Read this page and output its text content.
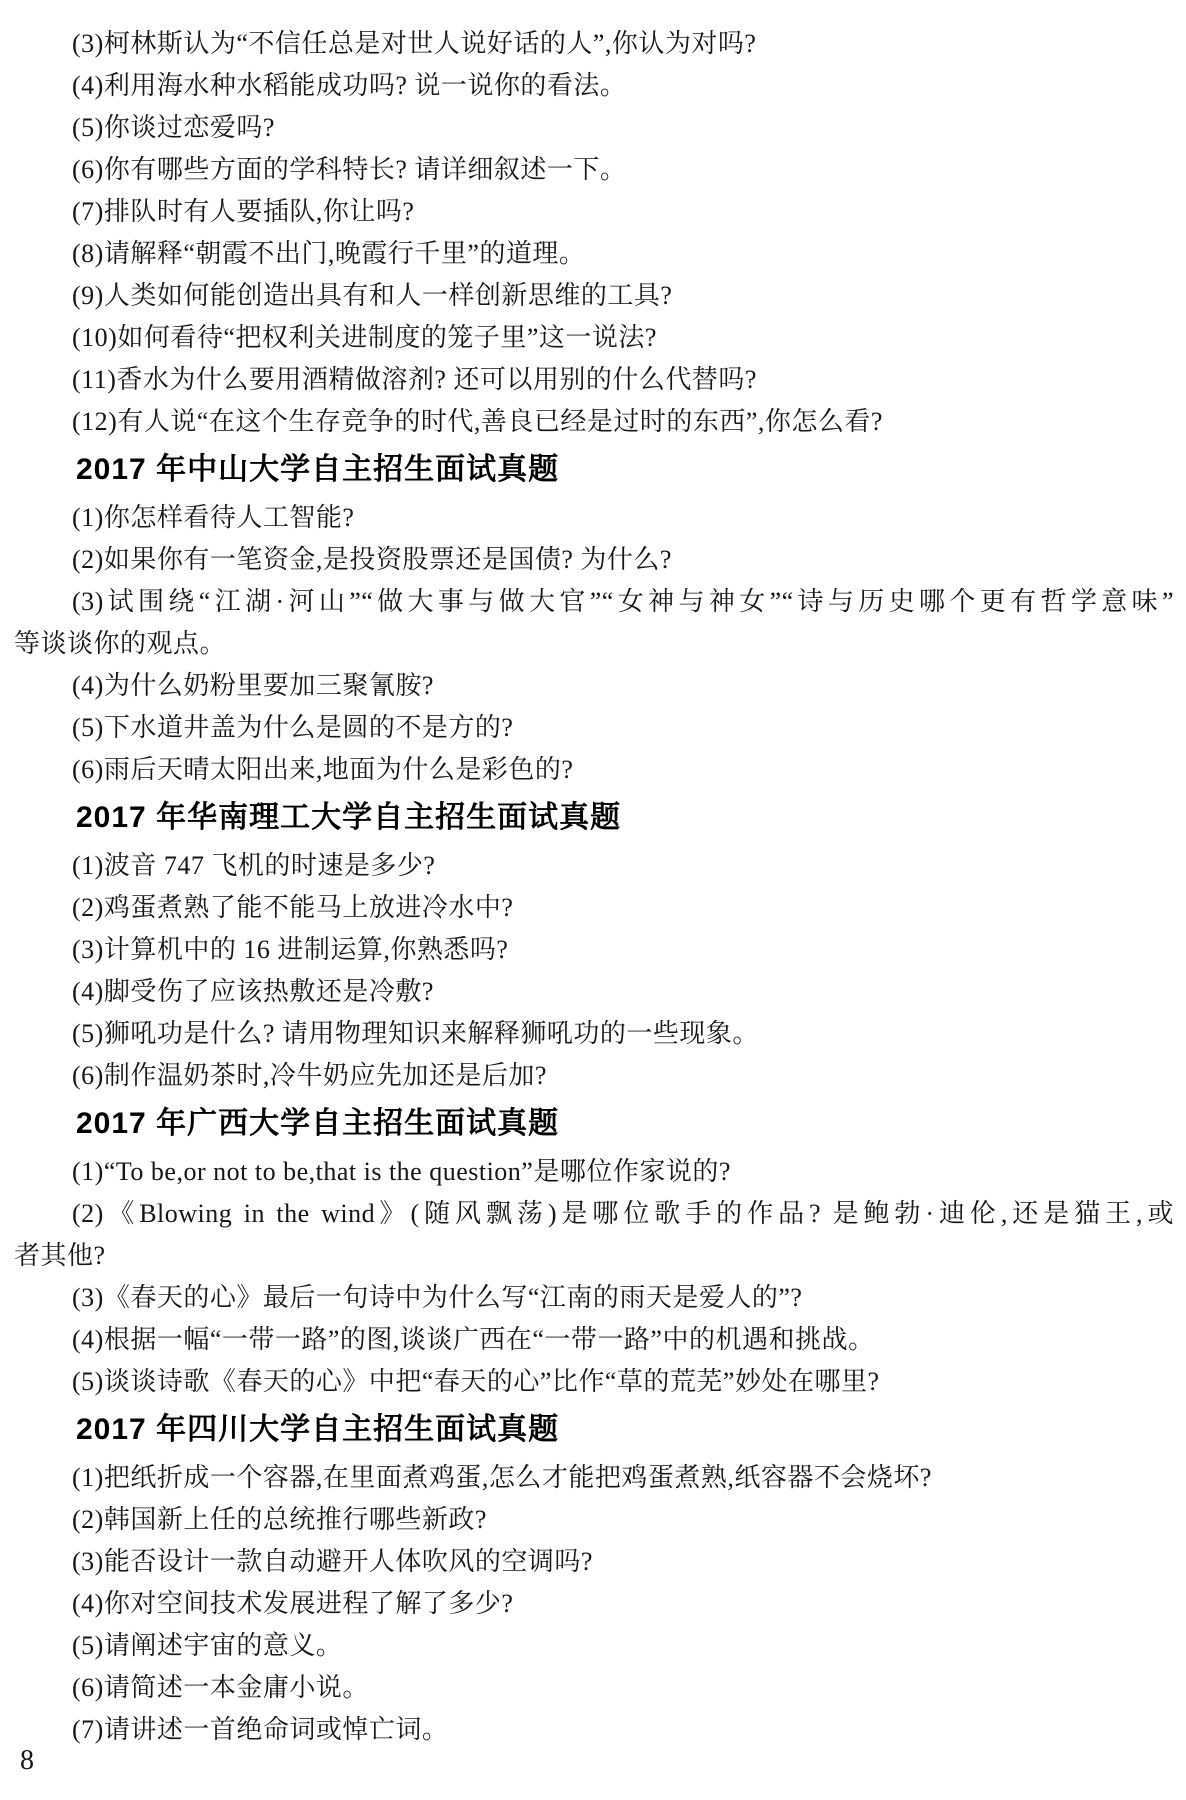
(3)柯林斯认为“不信任总是对世人说好话的人”,你认为对吗?

(4)利用海水种水稻能成功吗? 说一说你的看法。

(5)你谈过恋爱吗?

(6)你有哪些方面的学科特长? 请详细叙述一下。

(7)排队时有人要插队,你让吗?

(8)请解释“朝霞不出门,晚霞行千里”的道理。

(9)人类如何能创造出具有和人一样创新思维的工具?

(10)如何看待“把权利关进制度的笼子里”这一说法?

(11)香水为什么要用酒精做溶剂? 还可以用别的什么代替吗?

(12)有人说“在这个生存竞争的时代,善良已经是过时的东西”,你怎么看?

2017 年中山大学自主招生面试真题

(1)你怎样看待人工智能?

(2)如果你有一笔资金,是投资股票还是国债? 为什么?

(3)试围绕“江湖·河山”“做大事与做大官”“女神与神女”“诗与历史哪个更有哲学意味”

等谈谈你的观点。

(4)为什么奶粉里要加三聚氰胺?

(5)下水道井盖为什么是圆的不是方的?

(6)雨后天晴太阳出来,地面为什么是彩色的?

2017 年华南理工大学自主招生面试真题

(1)波音 747 飞机的时速是多少?

(2)鸡蛋煮熟了能不能马上放进冷水中?

(3)计算机中的 16 进制运算,你熟悉吗?

(4)脚受伤了应该热敷还是冷敷?

(5)狮吼功是什么? 请用物理知识来解释狮吼功的一些现象。

(6)制作温奶茶时,冷牛奶应先加还是后加?

2017 年广西大学自主招生面试真题

(1)“To be,or not to be,that is the question”是哪位作家说的?

(2)《Blowing in the wind》(随风飘荡)是哪位歌手的作品? 是鲍勃·迪伦,还是猫王,或

者其他?

(3)《春天的心》最后一句诗中为什么写“江南的雨天是爱人的”?

(4)根据一幅“一带一路”的图,谈谈广西在“一带一路”中的机遇和挑战。

(5)谈谈诗歌《春天的心》中把“春天的心”比作“草的荒芜”妙处在哪里?

2017 年四川大学自主招生面试真题

(1)把纸折成一个容器,在里面煮鸡蛋,怎么才能把鸡蛋煮熟,纸容器不会烧坏?

(2)韩国新上任的总统推行哪些新政?

(3)能否设计一款自动避开人体吹风的空调吗?

(4)你对空间技术发展进程了解了多少?

(5)请阐述宇宙的意义。

(6)请简述一本金庸小说。

(7)请讲述一首绝命词或悼亡词。

8
